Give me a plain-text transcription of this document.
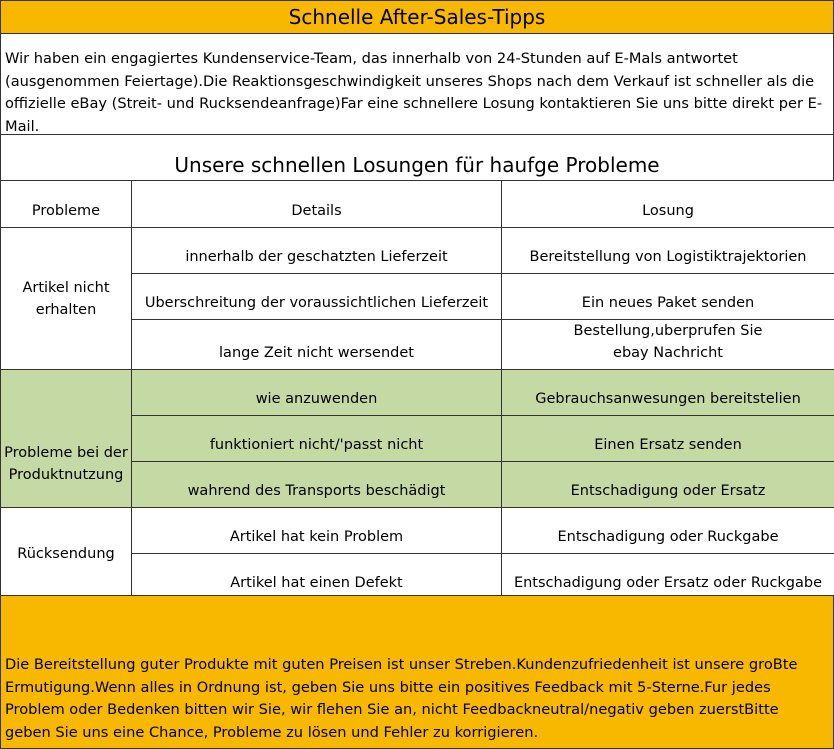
Schnelle After-Sales-Tipps
Wir haben ein engagiertes Kundenservice-Team, das innerhalb von 24-Stunden auf E-Mals antwortet (ausgenommen Feiertage).Die Reaktionsgeschwindigkeit unseres Shops nach dem Verkauf ist schneller als die offizielle eBay (Streit- und Rucksendeanfrage)Far eine schnellere Losung kontaktieren Sie uns bitte direkt per E-Mail.
Unsere schnellen Losungen für haufge Probleme
Probleme	Details	Losung
Artikel nicht erhalten	innerhalb der geschatzten Lieferzeit	Bereitstellung von Logistiktrajektorien
	Uberschreitung der voraussichtlichen Lieferzeit	Ein neues Paket senden
	lange Zeit nicht wersendet	Bestellung,uberprufen Sie
ebay Nachricht
Probleme bei der Produktnutzung	wie anzuwenden	Gebrauchsanwesungen bereitstelien
	funktioniert nicht/'passt nicht	Einen Ersatz senden
	wahrend des Transports beschädigt	Entschadigung oder Ersatz
Rücksendung	Artikel hat kein Problem	Entschadigung oder Ruckgabe
	Artikel hat einen Defekt	Entschadigung oder Ersatz oder Ruckgabe
Die Bereitstellung guter Produkte mit guten Preisen ist unser Streben.Kundenzufriedenheit ist unsere groBte Ermutigung.Wenn alles in Ordnung ist, geben Sie uns bitte ein positives Feedback mit 5-Sterne.Fur jedes Problem oder Bedenken bitten wir Sie, wir flehen Sie an, nicht Feedbackneutral/negativ geben zuerstBitte geben Sie uns eine Chance, Probleme zu lösen und Fehler zu korrigieren.
